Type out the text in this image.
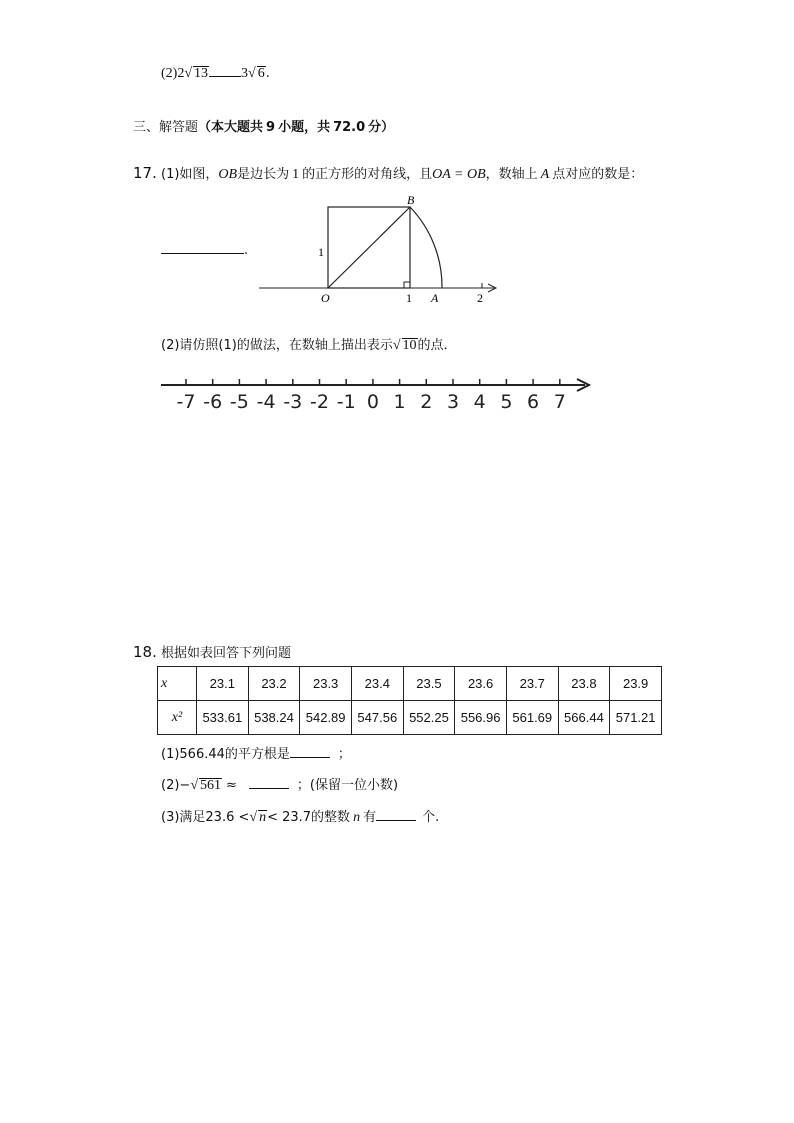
(2)2√ 13 3√ 6.
三、解答题（本大题共 9 小题，共 72.0 分）
17. (1)如图，OB是边长为 1 的正方形的对角线，且OA = OB，数轴上 A 点对应的数是：
.
B
1
O	1 A	2
(2)请仿照(1)的做法，在数轴上描出表示√ 10的点．
-7 -6 -5 -4 -3 -2 -1 0 1 2 3 4 5 6 7
18. 根据如表回答下列问题
x	23.1	23.2	23.3	23.4	23.5	23.6	23.7	23.8	23.9
x²	533.61	538.24	542.89	547.56	552.25	556.96	561.69	566.44	571.21
(1)566.44的平方根是	；
(2)−√ 561 ≈	；(保留一位小数)
(3)满足23.6 <√ n< 23.7的整数 n 有	个.
